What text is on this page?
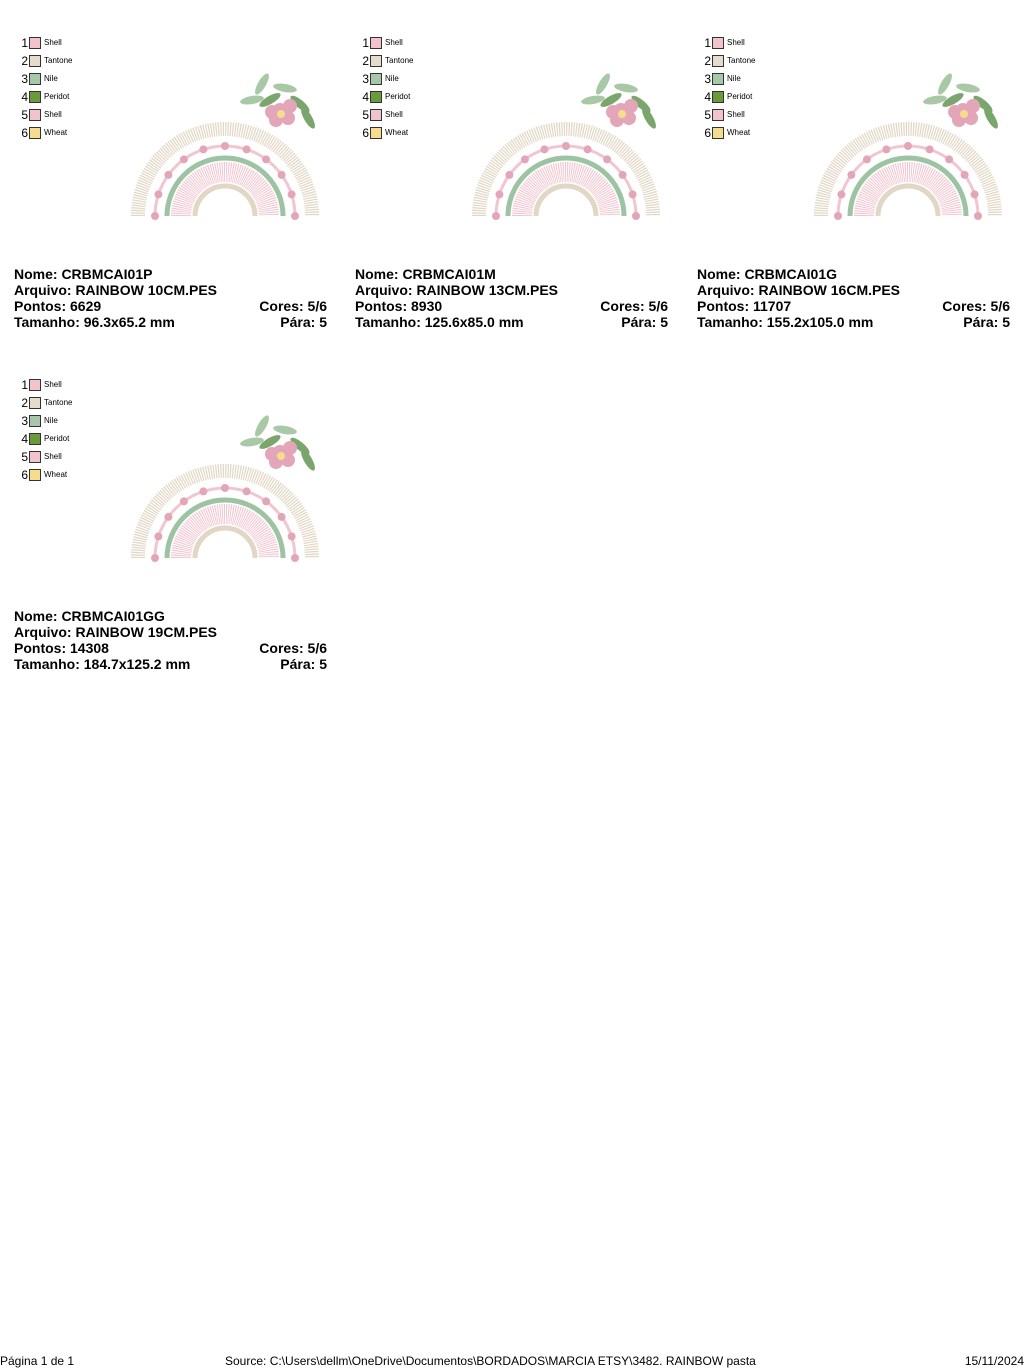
1 Shell
2 Tantone
3 Nile
4 Peridot
5 Shell
6 Wheat
Nome: CRBMCAI01P
Arquivo: RAINBOW 10CM.PES
Pontos: 6629	Cores: 5/6
Tamanho: 96.3x65.2 mm	Pára: 5
1 Shell
2 Tantone
3 Nile
4 Peridot
5 Shell
6 Wheat
Nome: CRBMCAI01M
Arquivo: RAINBOW 13CM.PES
Pontos: 8930	Cores: 5/6
Tamanho: 125.6x85.0 mm	Pára: 5
1 Shell
2 Tantone
3 Nile
4 Peridot
5 Shell
6 Wheat
Nome: CRBMCAI01G
Arquivo: RAINBOW 16CM.PES
Pontos: 11707	Cores: 5/6
Tamanho: 155.2x105.0 mm	Pára: 5
1 Shell
2 Tantone
3 Nile
4 Peridot
5 Shell
6 Wheat
Nome: CRBMCAI01GG
Arquivo: RAINBOW 19CM.PES
Pontos: 14308	Cores: 5/6
Tamanho: 184.7x125.2 mm	Pára: 5
Página 1 de 1	Source: C:\Users\dellm\OneDrive\Documentos\BORDADOS\MARCIA ETSY\3482. RAINBOW pasta	15/11/2024
